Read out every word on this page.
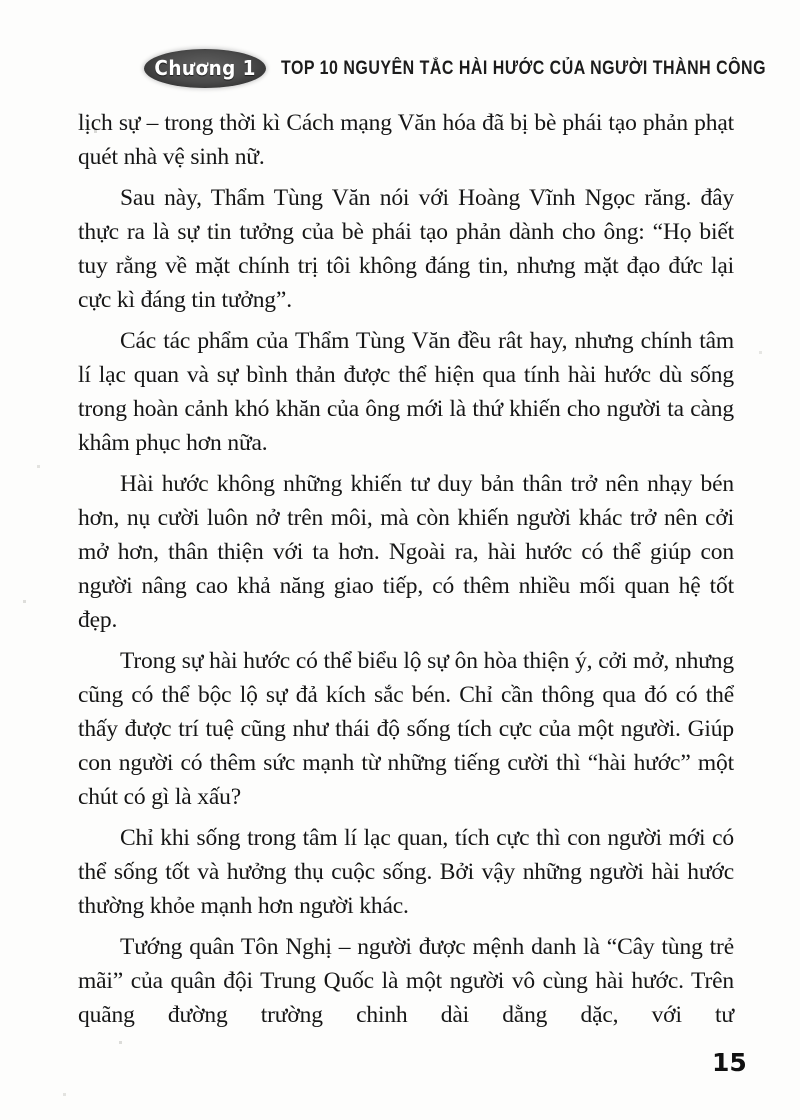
Chương 1 TOP 10 NGUYÊN TẮC HÀI HƯỚC CỦA NGƯỜI THÀNH CÔNG

lịch sự – trong thời kì Cách mạng Văn hóa đã bị bè phái tạo phản phạt quét nhà vệ sinh nữ.

Sau này, Thẩm Tùng Văn nói với Hoàng Vĩnh Ngọc răng. đây thực ra là sự tin tưởng của bè phái tạo phản dành cho ông: “Họ biết tuy rằng về mặt chính trị tôi không đáng tin, nhưng mặt đạo đức lại cực kì đáng tin tưởng”.

Các tác phẩm của Thẩm Tùng Văn đều rât hay, nhưng chính tâm lí lạc quan và sự bình thản được thể hiện qua tính hài hước dù sống trong hoàn cảnh khó khăn của ông mới là thứ khiến cho người ta càng khâm phục hơn nữa.

Hài hước không những khiến tư duy bản thân trở nên nhạy bén hơn, nụ cười luôn nở trên môi, mà còn khiến người khác trở nên cởi mở hơn, thân thiện với ta hơn. Ngoài ra, hài hước có thể giúp con người nâng cao khả năng giao tiếp, có thêm nhiều mối quan hệ tốt đẹp.

Trong sự hài hước có thể biểu lộ sự ôn hòa thiện ý, cởi mở, nhưng cũng có thể bộc lộ sự đả kích sắc bén. Chỉ cần thông qua đó có thể thấy được trí tuệ cũng như thái độ sống tích cực của một người. Giúp con người có thêm sức mạnh từ những tiếng cười thì “hài hước” một chút có gì là xấu?

Chỉ khi sống trong tâm lí lạc quan, tích cực thì con người mới có thể sống tốt và hưởng thụ cuộc sống. Bởi vậy những người hài hước thường khỏe mạnh hơn người khác.

Tướng quân Tôn Nghị – người được mệnh danh là “Cây tùng trẻ mãi” của quân đội Trung Quốc là một người vô cùng hài hước. Trên quãng đường trường chinh dài dằng dặc, với tư

15
